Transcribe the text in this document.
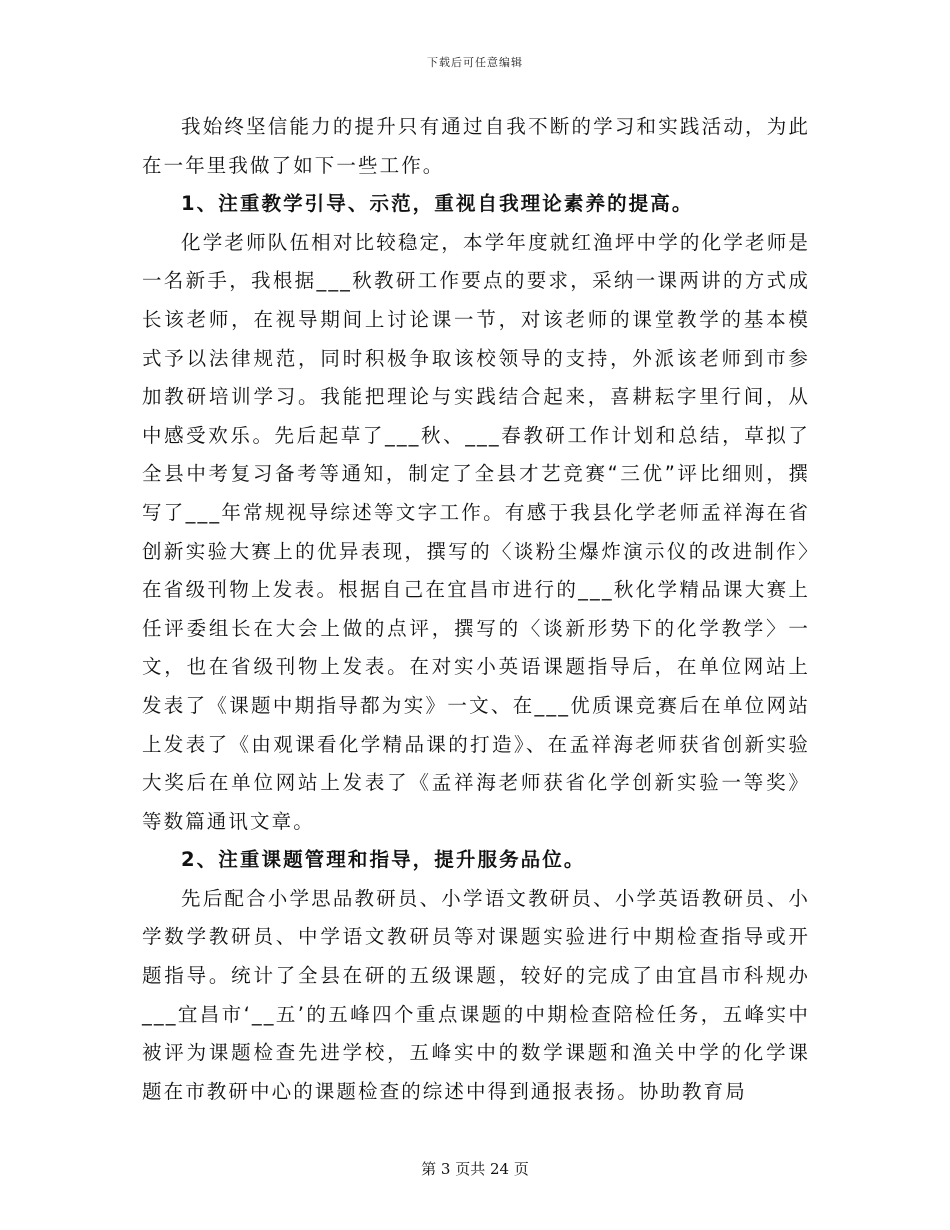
下载后可任意编辑

我始终坚信能力的提升只有通过自我不断的学习和实践活动，为此在一年里我做了如下一些工作。

1、注重教学引导、示范，重视自我理论素养的提高。

化学老师队伍相对比较稳定，本学年度就红渔坪中学的化学老师是一名新手，我根据___秋教研工作要点的要求，采纳一课两讲的方式成长该老师，在视导期间上讨论课一节，对该老师的课堂教学的基本模式予以法律规范，同时积极争取该校领导的支持，外派该老师到市参加教研培训学习。我能把理论与实践结合起来，喜耕耘字里行间，从中感受欢乐。先后起草了___秋、___春教研工作计划和总结，草拟了全县中考复习备考等通知，制定了全县才艺竞赛“三优”评比细则，撰写了___年常规视导综述等文字工作。有感于我县化学老师孟祥海在省创新实验大赛上的优异表现，撰写的〈谈粉尘爆炸演示仪的改进制作〉在省级刊物上发表。根据自己在宜昌市进行的___秋化学精品课大赛上任评委组长在大会上做的点评，撰写的〈谈新形势下的化学教学〉一文，也在省级刊物上发表。在对实小英语课题指导后，在单位网站上发表了《课题中期指导都为实》一文、在___优质课竞赛后在单位网站上发表了《由观课看化学精品课的打造》、在孟祥海老师获省创新实验大奖后在单位网站上发表了《孟祥海老师获省化学创新实验一等奖》等数篇通讯文章。

2、注重课题管理和指导，提升服务品位。

先后配合小学思品教研员、小学语文教研员、小学英语教研员、小学数学教研员、中学语文教研员等对课题实验进行中期检查指导或开题指导。统计了全县在研的五级课题，较好的完成了由宜昌市科规办___宜昌市‘__五’的五峰四个重点课题的中期检查陪检任务，五峰实中被评为课题检查先进学校，五峰实中的数学课题和渔关中学的化学课题在市教研中心的课题检查的综述中得到通报表扬。协助教育局

第 3 页共 24 页
